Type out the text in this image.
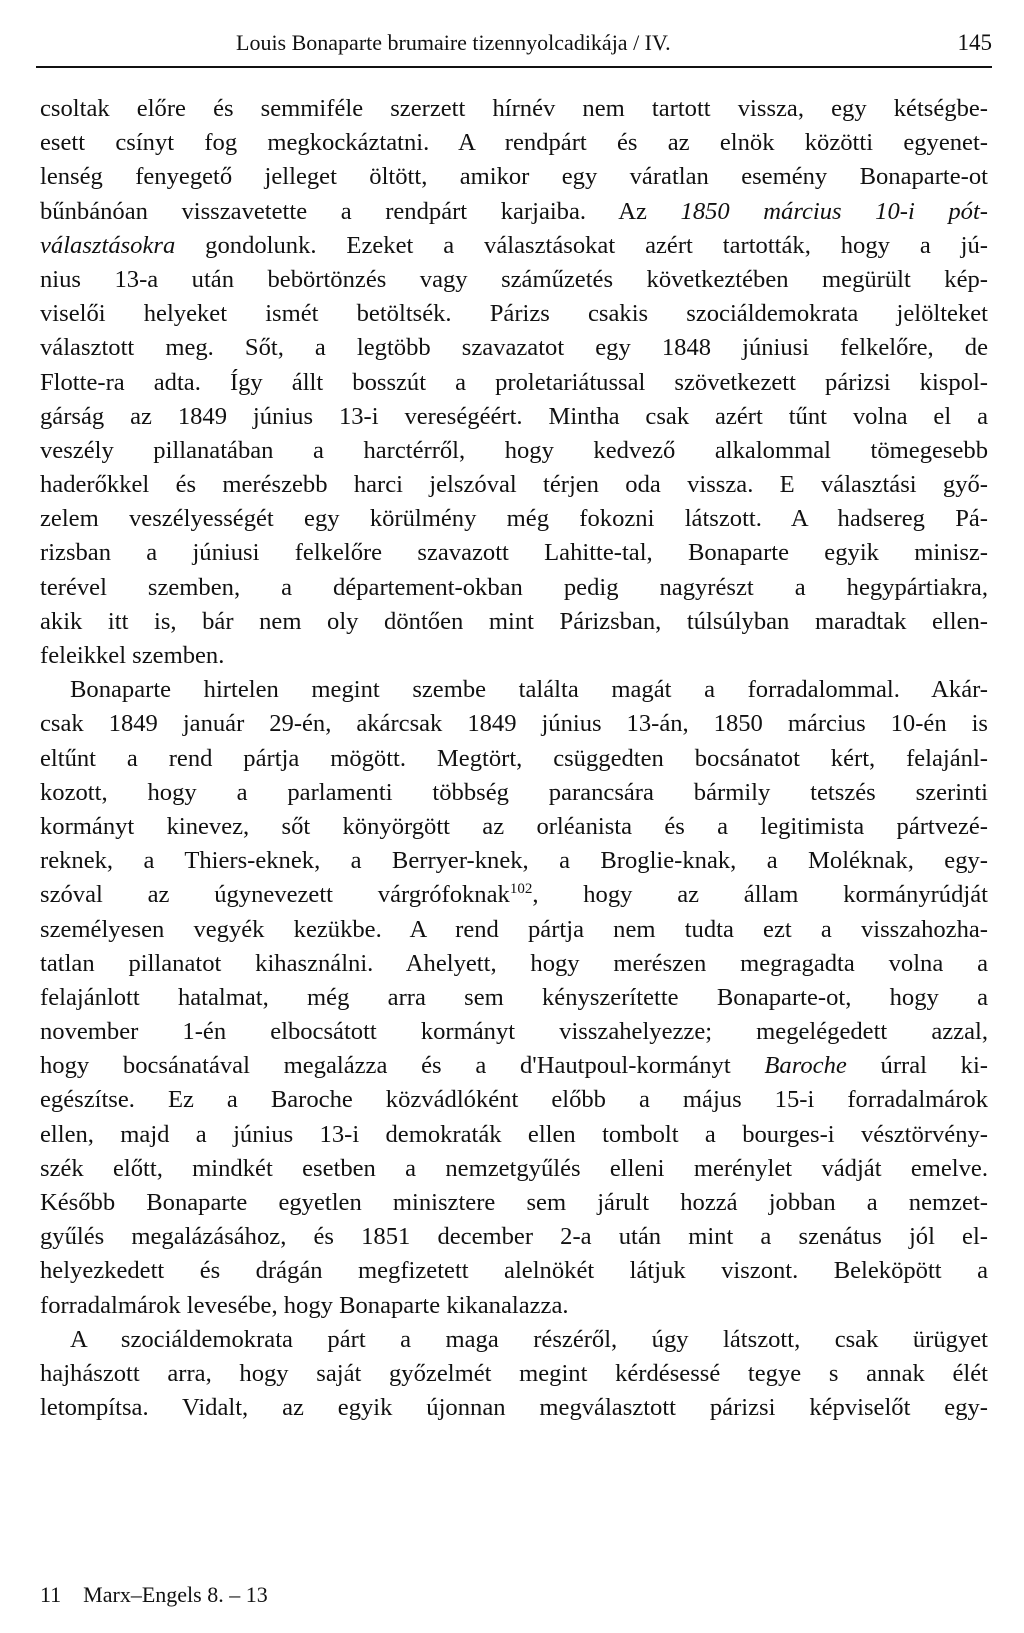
Louis Bonaparte brumaire tizennyolcadikája / IV.	145
csoltak előre és semmiféle szerzett hírnév nem tartott vissza, egy kétségbe-
esett csínyt fog megkockáztatni. A rendpárt és az elnök közötti egyenet-
lenség fenyegető jelleget öltött, amikor egy váratlan esemény Bonaparte-ot
bűnbánóan visszavetette a rendpárt karjaiba. Az 1850 március 10-i pót-
választásokra gondolunk. Ezeket a választásokat azért tartották, hogy a jú-
nius 13-a után bebörtönzés vagy száműzetés következtében megürült kép-
viselői helyeket ismét betöltsék. Párizs csakis szociáldemokrata jelölteket
választott meg. Sőt, a legtöbb szavazatot egy 1848 júniusi felkelőre, de
Flotte-ra adta. Így állt bosszút a proletariátussal szövetkezett párizsi kispol-
gárság az 1849 június 13-i vereségéért. Mintha csak azért tűnt volna el a
veszély pillanatában a harctérről, hogy kedvező alkalommal tömegesebb
haderőkkel és merészebb harci jelszóval térjen oda vissza. E választási győ-
zelem veszélyességét egy körülmény még fokozni látszott. A hadsereg Pá-
rizsban a júniusi felkelőre szavazott Lahitte-tal, Bonaparte egyik minisz-
terével szemben, a département-okban pedig nagyrészt a hegypártiakra,
akik itt is, bár nem oly döntően mint Párizsban, túlsúlyban maradtak ellen-
feleikkel szemben.
Bonaparte hirtelen megint szembe találta magát a forradalommal. Akár-
csak 1849 január 29-én, akárcsak 1849 június 13-án, 1850 március 10-én is
eltűnt a rend pártja mögött. Megtört, csüggedten bocsánatot kért, felajánl-
kozott, hogy a parlamenti többség parancsára bármily tetszés szerinti
kormányt kinevez, sőt könyörgött az orléanista és a legitimista pártvezé-
reknek, a Thiers-eknek, a Berryer-knek, a Broglie-knak, a Moléknak, egy-
szóval az úgynevezett várgrófoknak$^{102}$, hogy az állam kormányrúdját
személyesen vegyék kezükbe. A rend pártja nem tudta ezt a visszahozha-
tatlan pillanatot kihasználni. Ahelyett, hogy merészen megragadta volna a
felajánlott hatalmat, még arra sem kényszerítette Bonaparte-ot, hogy a
november 1-én elbocsátott kormányt visszahelyezze; megelégedett azzal,
hogy bocsánatával megalázza és a d'Hautpoul-kormányt Baroche úrral ki-
egészítse. Ez a Baroche közvádlóként előbb a május 15-i forradalmárok
ellen, majd a június 13-i demokraták ellen tombolt a bourges-i vésztörvény-
szék előtt, mindkét esetben a nemzetgyűlés elleni merénylet vádját emelve.
Később Bonaparte egyetlen minisztere sem járult hozzá jobban a nemzet-
gyűlés megalázásához, és 1851 december 2-a után mint a szenátus jól el-
helyezkedett és drágán megfizetett alelnökét látjuk viszont. Beleköpött a
forradalmárok levesébe, hogy Bonaparte kikanalazza.
A szociáldemokrata párt a maga részéről, úgy látszott, csak ürügyet
hajhászott arra, hogy saját győzelmét megint kérdésessé tegye s annak élét
letompítsa. Vidalt, az egyik újonnan megválasztott párizsi képviselőt egy-
11    Marx–Engels 8. – 13
